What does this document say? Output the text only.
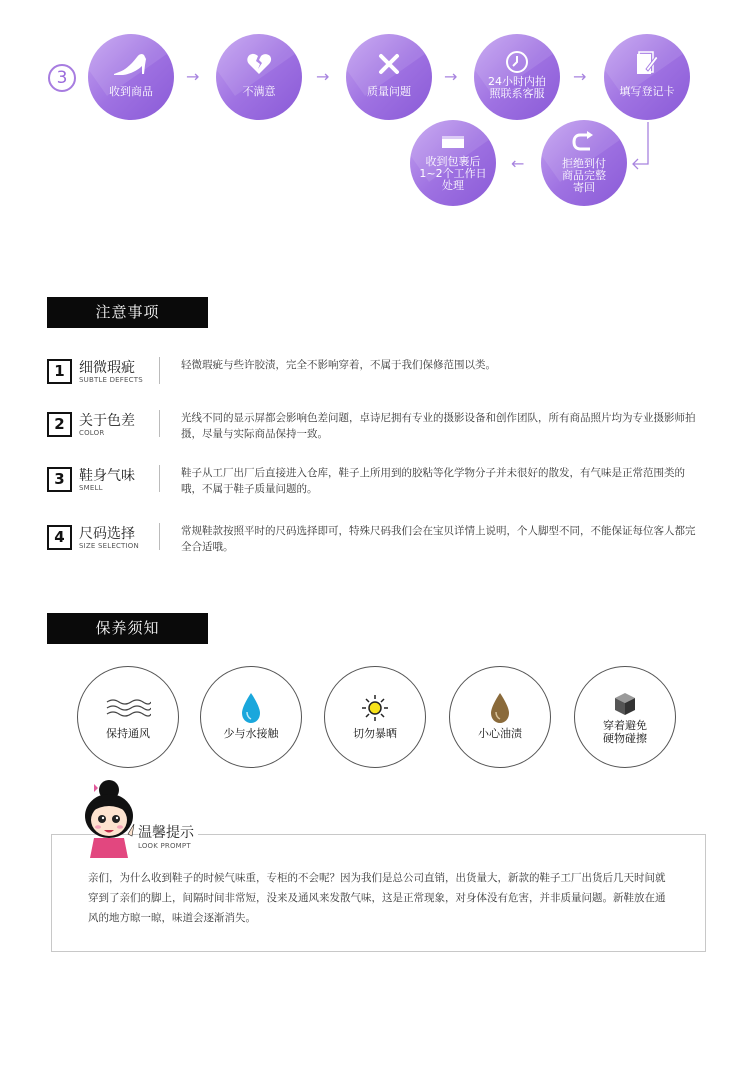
3
收到商品
→
不满意
→
质量问题
→	24小时内拍
照联系客服
→
填写登记卡
拒绝到付
商品完整
寄回
←
收到包裹后
1~2个工作日
处理
注意事项
1	细微瑕疵
SUBTLE DEFECTS
轻微瑕疵与些许胶渍，完全不影响穿着，不属于我们保修范围以类。
2	关于色差
COLOR
光线不同的显示屏都会影响色差问题，卓诗尼拥有专业的摄影设备和创作团队，所有商品照片均为专业摄影师拍摄，尽量与实际商品保持一致。
3	鞋身气味
SMELL
鞋子从工厂出厂后直接进入仓库，鞋子上所用到的胶粘等化学物分子并未很好的散发，有气味是正常范围类的哦，不属于鞋子质量问题的。
4	尺码选择
SIZE SELECTION
常规鞋款按照平时的尺码选择即可，特殊尺码我们会在宝贝详情上说明，个人脚型不同，不能保证每位客人都完全合适哦。
保养须知
保持通风	少与水接触	切勿暴晒	小心油渍
穿着避免
硬物碰擦
温馨提示
LOOK PROMPT
亲们，为什么收到鞋子的时候气味重，专柜的不会呢？因为我们是总公司直销，出货量大，新款的鞋子工厂出货后几天时间就穿到了亲们的脚上，间隔时间非常短，没来及通风来发散气味，这是正常现象，对身体没有危害，并非质量问题。新鞋放在通风的地方晾一晾，味道会逐渐消失。
